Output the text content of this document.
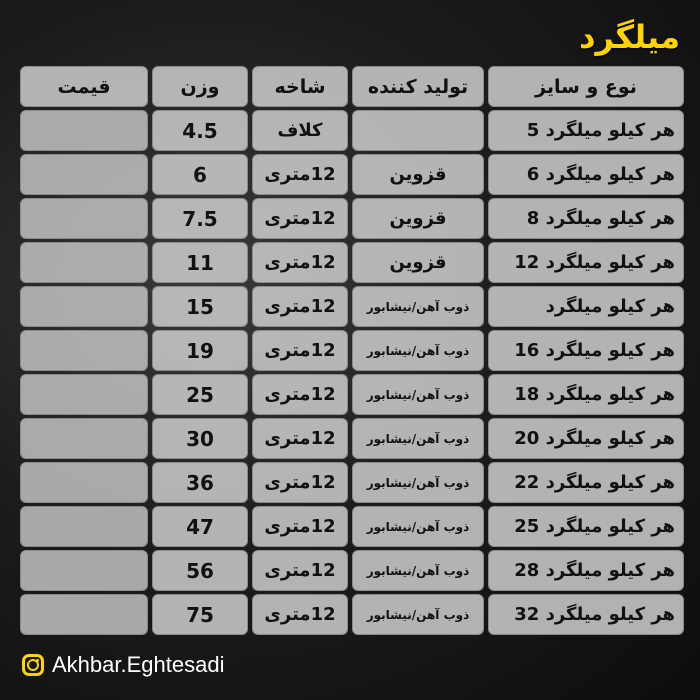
میلگرد
نوع و سایز
تولید کننده
شاخه
وزن
قیمت
هر کیلو میلگرد 5
کلاف
4.5
هر کیلو میلگرد 6
قزوین
12متری
6
هر کیلو میلگرد 8
قزوین
12متری
7.5
هر کیلو میلگرد 12
قزوین
12متری
11
هر کیلو میلگرد
ذوب آهن/نیشابور
12متری
15
هر کیلو میلگرد 16
ذوب آهن/نیشابور
12متری
19
هر کیلو میلگرد 18
ذوب آهن/نیشابور
12متری
25
هر کیلو میلگرد 20
ذوب آهن/نیشابور
12متری
30
هر کیلو میلگرد 22
ذوب آهن/نیشابور
12متری
36
هر کیلو میلگرد 25
ذوب آهن/نیشابور
12متری
47
هر کیلو میلگرد 28
ذوب آهن/نیشابور
12متری
56
هر کیلو میلگرد 32
ذوب آهن/نیشابور
12متری
75
Akhbar.Eghtesadi
